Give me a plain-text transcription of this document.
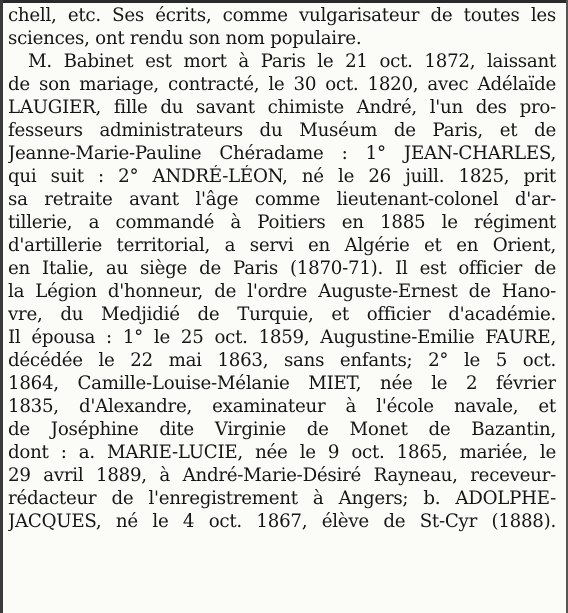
chell, etc. Ses écrits, comme vulgarisateur de toutes les
sciences, ont rendu son nom populaire.
M. Babinet est mort à Paris le 21 oct. 1872, laissant
de son mariage, contracté, le 30 oct. 1820, avec Adélaïde
LAUGIER, fille du savant chimiste André, l'un des pro-
fesseurs administrateurs du Muséum de Paris, et de
Jeanne-Marie-Pauline Chéradame : 1° JEAN-CHARLES,
qui suit : 2° ANDRÉ-LÉON, né le 26 juill. 1825, prit
sa retraite avant l'âge comme lieutenant-colonel d'ar-
tillerie, a commandé à Poitiers en 1885 le régiment
d'artillerie territorial, a servi en Algérie et en Orient,
en Italie, au siège de Paris (1870-71). Il est officier de
la Légion d'honneur, de l'ordre Auguste-Ernest de Hano-
vre, du Medjidié de Turquie, et officier d'académie.
Il épousa : 1° le 25 oct. 1859, Augustine-Emilie FAURE,
décédée le 22 mai 1863, sans enfants; 2° le 5 oct.
1864, Camille-Louise-Mélanie MIET, née le 2 février
1835, d'Alexandre, examinateur à l'école navale, et
de Joséphine dite Virginie de Monet de Bazantin,
dont : a. MARIE-LUCIE, née le 9 oct. 1865, mariée, le
29 avril 1889, à André-Marie-Désiré Rayneau, receveur-
rédacteur de l'enregistrement à Angers; b. ADOLPHE-
JACQUES, né le 4 oct. 1867, élève de St-Cyr (1888).
